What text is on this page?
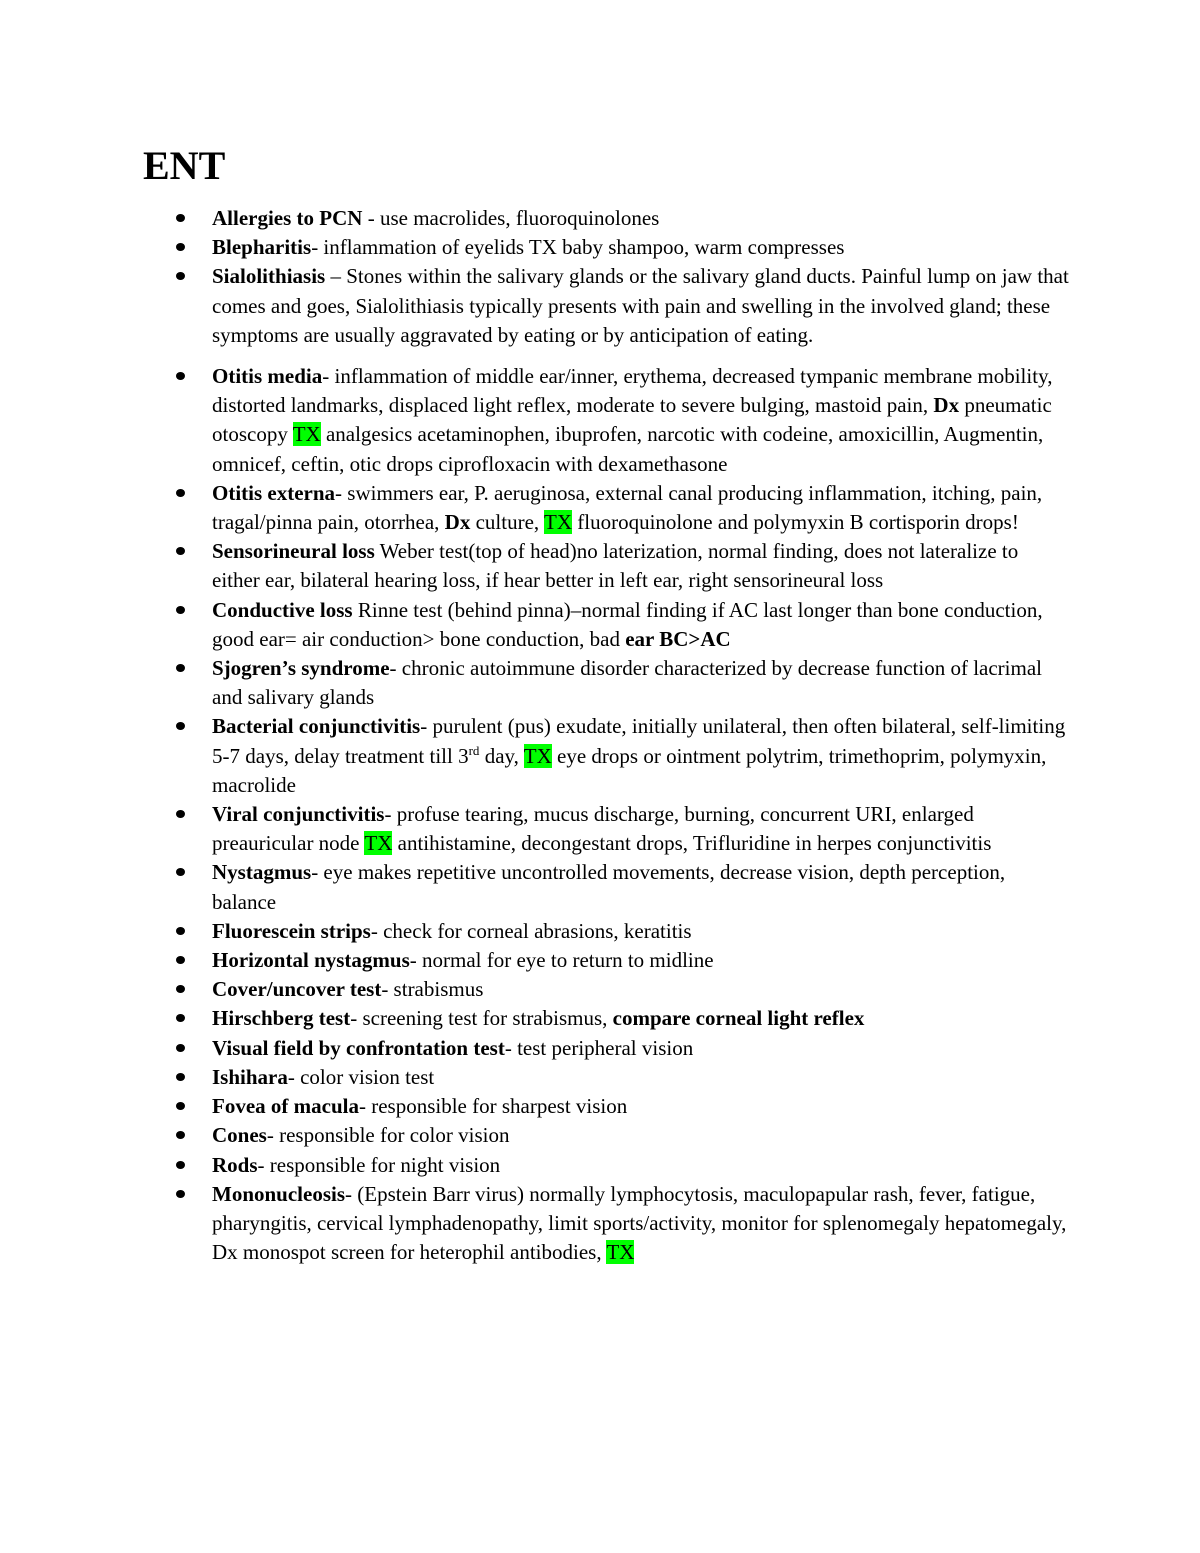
ENT
Allergies to PCN - use macrolides, fluoroquinolones
Blepharitis- inflammation of eyelids TX baby shampoo, warm compresses
Sialolithiasis – Stones within the salivary glands or the salivary gland ducts. Painful lump on jaw that comes and goes, Sialolithiasis typically presents with pain and swelling in the involved gland; these symptoms are usually aggravated by eating or by anticipation of eating.
Otitis media- inflammation of middle ear/inner, erythema, decreased tympanic membrane mobility, distorted landmarks, displaced light reflex, moderate to severe bulging, mastoid pain, Dx pneumatic otoscopy TX analgesics acetaminophen, ibuprofen, narcotic with codeine, amoxicillin, Augmentin, omnicef, ceftin, otic drops ciprofloxacin with dexamethasone
Otitis externa- swimmers ear, P. aeruginosa, external canal producing inflammation, itching, pain, tragal/pinna pain, otorrhea, Dx culture, TX fluoroquinolone and polymyxin B cortisporin drops!
Sensorineural loss Weber test(top of head)no laterization, normal finding, does not lateralize to either ear, bilateral hearing loss, if hear better in left ear, right sensorineural loss
Conductive loss Rinne test (behind pinna)–normal finding if AC last longer than bone conduction, good ear= air conduction> bone conduction, bad ear BC>AC
Sjogren’s syndrome- chronic autoimmune disorder characterized by decrease function of lacrimal and salivary glands
Bacterial conjunctivitis- purulent (pus) exudate, initially unilateral, then often bilateral, self-limiting 5-7 days, delay treatment till 3rd day, TX eye drops or ointment polytrim, trimethoprim, polymyxin, macrolide
Viral conjunctivitis- profuse tearing, mucus discharge, burning, concurrent URI, enlarged preauricular node TX antihistamine, decongestant drops, Trifluridine in herpes conjunctivitis
Nystagmus- eye makes repetitive uncontrolled movements, decrease vision, depth perception, balance
Fluorescein strips- check for corneal abrasions, keratitis
Horizontal nystagmus- normal for eye to return to midline
Cover/uncover test- strabismus
Hirschberg test- screening test for strabismus, compare corneal light reflex
Visual field by confrontation test- test peripheral vision
Ishihara- color vision test
Fovea of macula- responsible for sharpest vision
Cones- responsible for color vision
Rods- responsible for night vision
Mononucleosis- (Epstein Barr virus) normally lymphocytosis, maculopapular rash, fever, fatigue, pharyngitis, cervical lymphadenopathy, limit sports/activity, monitor for splenomegaly hepatomegaly, Dx monospot screen for heterophil antibodies, TX
